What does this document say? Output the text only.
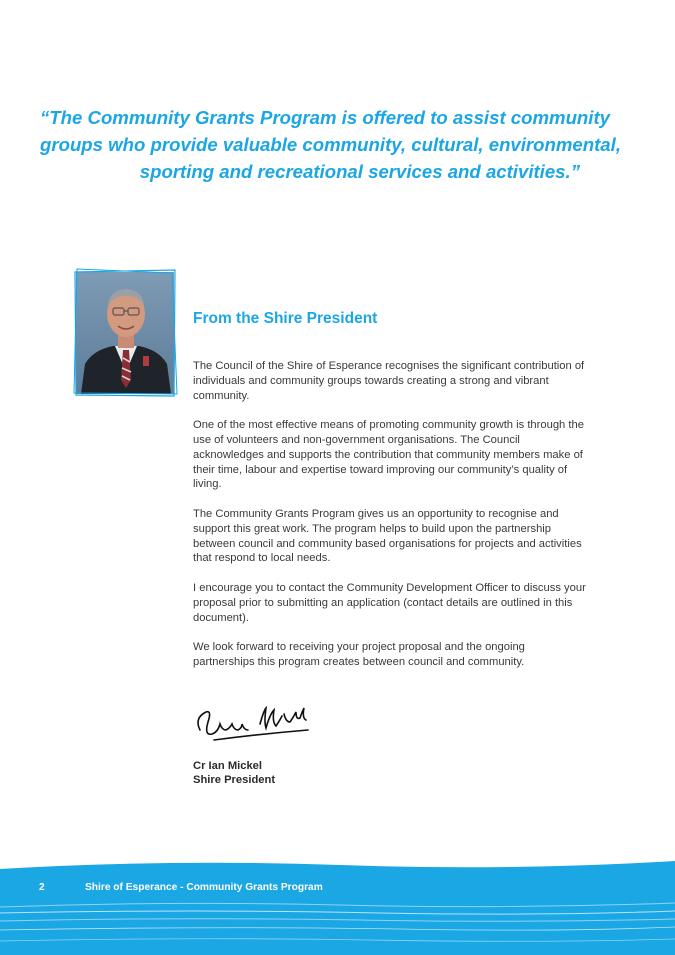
“The Community Grants Program is offered to assist community
groups who provide valuable community, cultural, environmental,
sporting and recreational services and activities.”
From the Shire President

The Council of the Shire of Esperance recognises the significant contribution of individuals and community groups towards creating a strong and vibrant community.

One of the most effective means of promoting community growth is through the use of volunteers and non-government organisations. The Council acknowledges and supports the contribution that community members make of their time, labour and expertise toward improving our community’s quality of living.

The Community Grants Program gives us an opportunity to recognise and support this great work. The program helps to build upon the partnership between council and community based organisations for projects and activities that respond to local needs.

I encourage you to contact the Community Development Officer to discuss your proposal prior to submitting an application (contact details are outlined in this document).

We look forward to receiving your project proposal and the ongoing partnerships this program creates between council and community.

Cr Ian Mickel
Shire President
2	Shire of Esperance - Community Grants Program
